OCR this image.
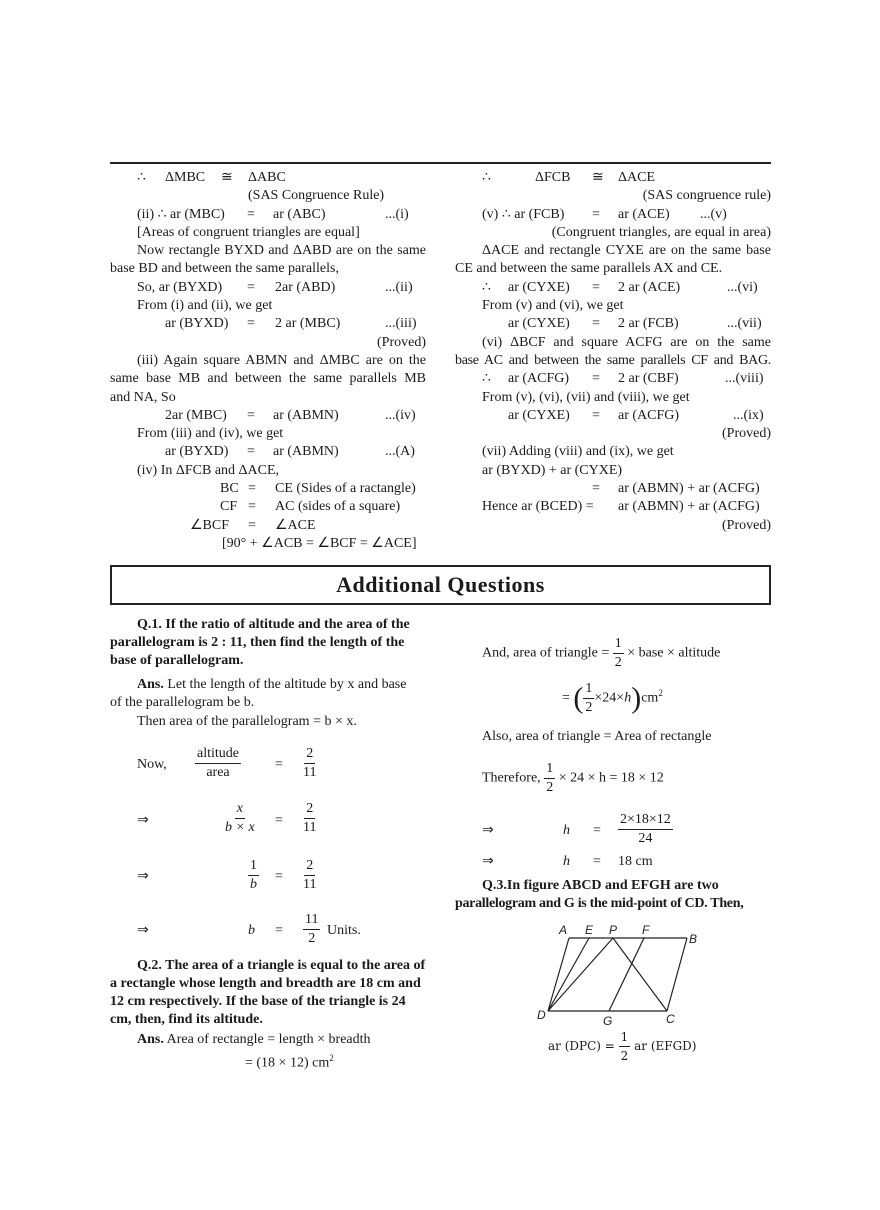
∴ ΔMBC ≅ ΔABC
(SAS Congruence Rule)
(ii) ∴ ar (MBC) = ar (ABC)	...(i)
[Areas of congruent triangles are equal]
Now rectangle BYXD and ΔABD are on the same
base BD and between the same parallels,
So, ar (BYXD) = 2ar (ABD)	...(ii)
From (i) and (ii), we get
ar (BYXD) = 2 ar (MBC)	...(iii)
(Proved)
(iii) Again square ABMN and ΔMBC are on the
same base MB and between the same parallels MB
and NA, So
2ar (MBC) = ar (ABMN)	...(iv)
From (iii) and (iv), we get
ar (BYXD) = ar (ABMN)	...(A)
(iv) In ΔFCB and ΔACE,
BC = CE (Sides of a ractangle)
CF = AC (sides of a square)
∠BCF = ∠ACE
[90° + ∠ACB = ∠BCF = ∠ACE]
∴	ΔFCB ≅ ΔACE
(SAS congruence rule)
(v) ∴ ar (FCB) = ar (ACE) ...(v)
(Congruent triangles, are equal in area)
ΔACE and rectangle CYXE are on the same base
CE and between the same parallels AX and CE.
∴ ar (CYXE) = 2 ar (ACE)	...(vi)
From (v) and (vi), we get
ar (CYXE) = 2 ar (FCB)	...(vii)
(vi) ΔBCF and square ACFG are on the same
base AC and between the same parallels CF and BAG.
∴ ar (ACFG) = 2 ar (CBF)	...(viii)
From (v), (vi), (vii) and (viii), we get
ar (CYXE) = ar (ACFG)	...(ix)
(Proved)
(vii) Adding (viii) and (ix), we get
ar (BYXD) + ar (CYXE)
= ar (ABMN) + ar (ACFG)
Hence ar (BCED) = ar (ABMN) + ar (ACFG)
(Proved)
Additional Questions
Q.1. If the ratio of altitude and the area of the
parallelogram is 2 : 11, then find the length of the
base of parallelogram.
Ans. Let the length of the altitude by x and base
of the parallelogram be b.
Then area of the parallelogram = b × x.
Now, $\frac{\text{altitude}}{\text{area}} = \frac{2}{11}$
⇒	$\frac{x}{b \times x} = \frac{2}{11}$
⇒	$\frac{1}{b} = \frac{2}{11}$
⇒	$b = \frac{11}{2}$ Units.
Q.2. The area of a triangle is equal to the area of
a rectangle whose length and breadth are 18 cm and
12 cm respectively. If the base of the triangle is 24
cm, then, find its altitude.
Ans. Area of rectangle = length × breadth
= (18 × 12) $cm^2$
And, area of triangle = $\frac{1}{2}$ × base × altitude
= ( $\frac{1}{2} \times 24\times h)cm^2$
Also, area of triangle = Area of rectangle
Therefore, $\frac{1}{2} \times 24 \times h = 18 \times 12$
⇒	$h = \frac{2\times 18\times 12}{24}$
⇒	h = 18 cm
Q.3.In figure ABCD and EFGH are two
parallelogram and G is the mid-point of CD. Then,
A E P F
B
D	G	C
ar $(DPC) = \frac{1}{2}$ ar (EFGD)
